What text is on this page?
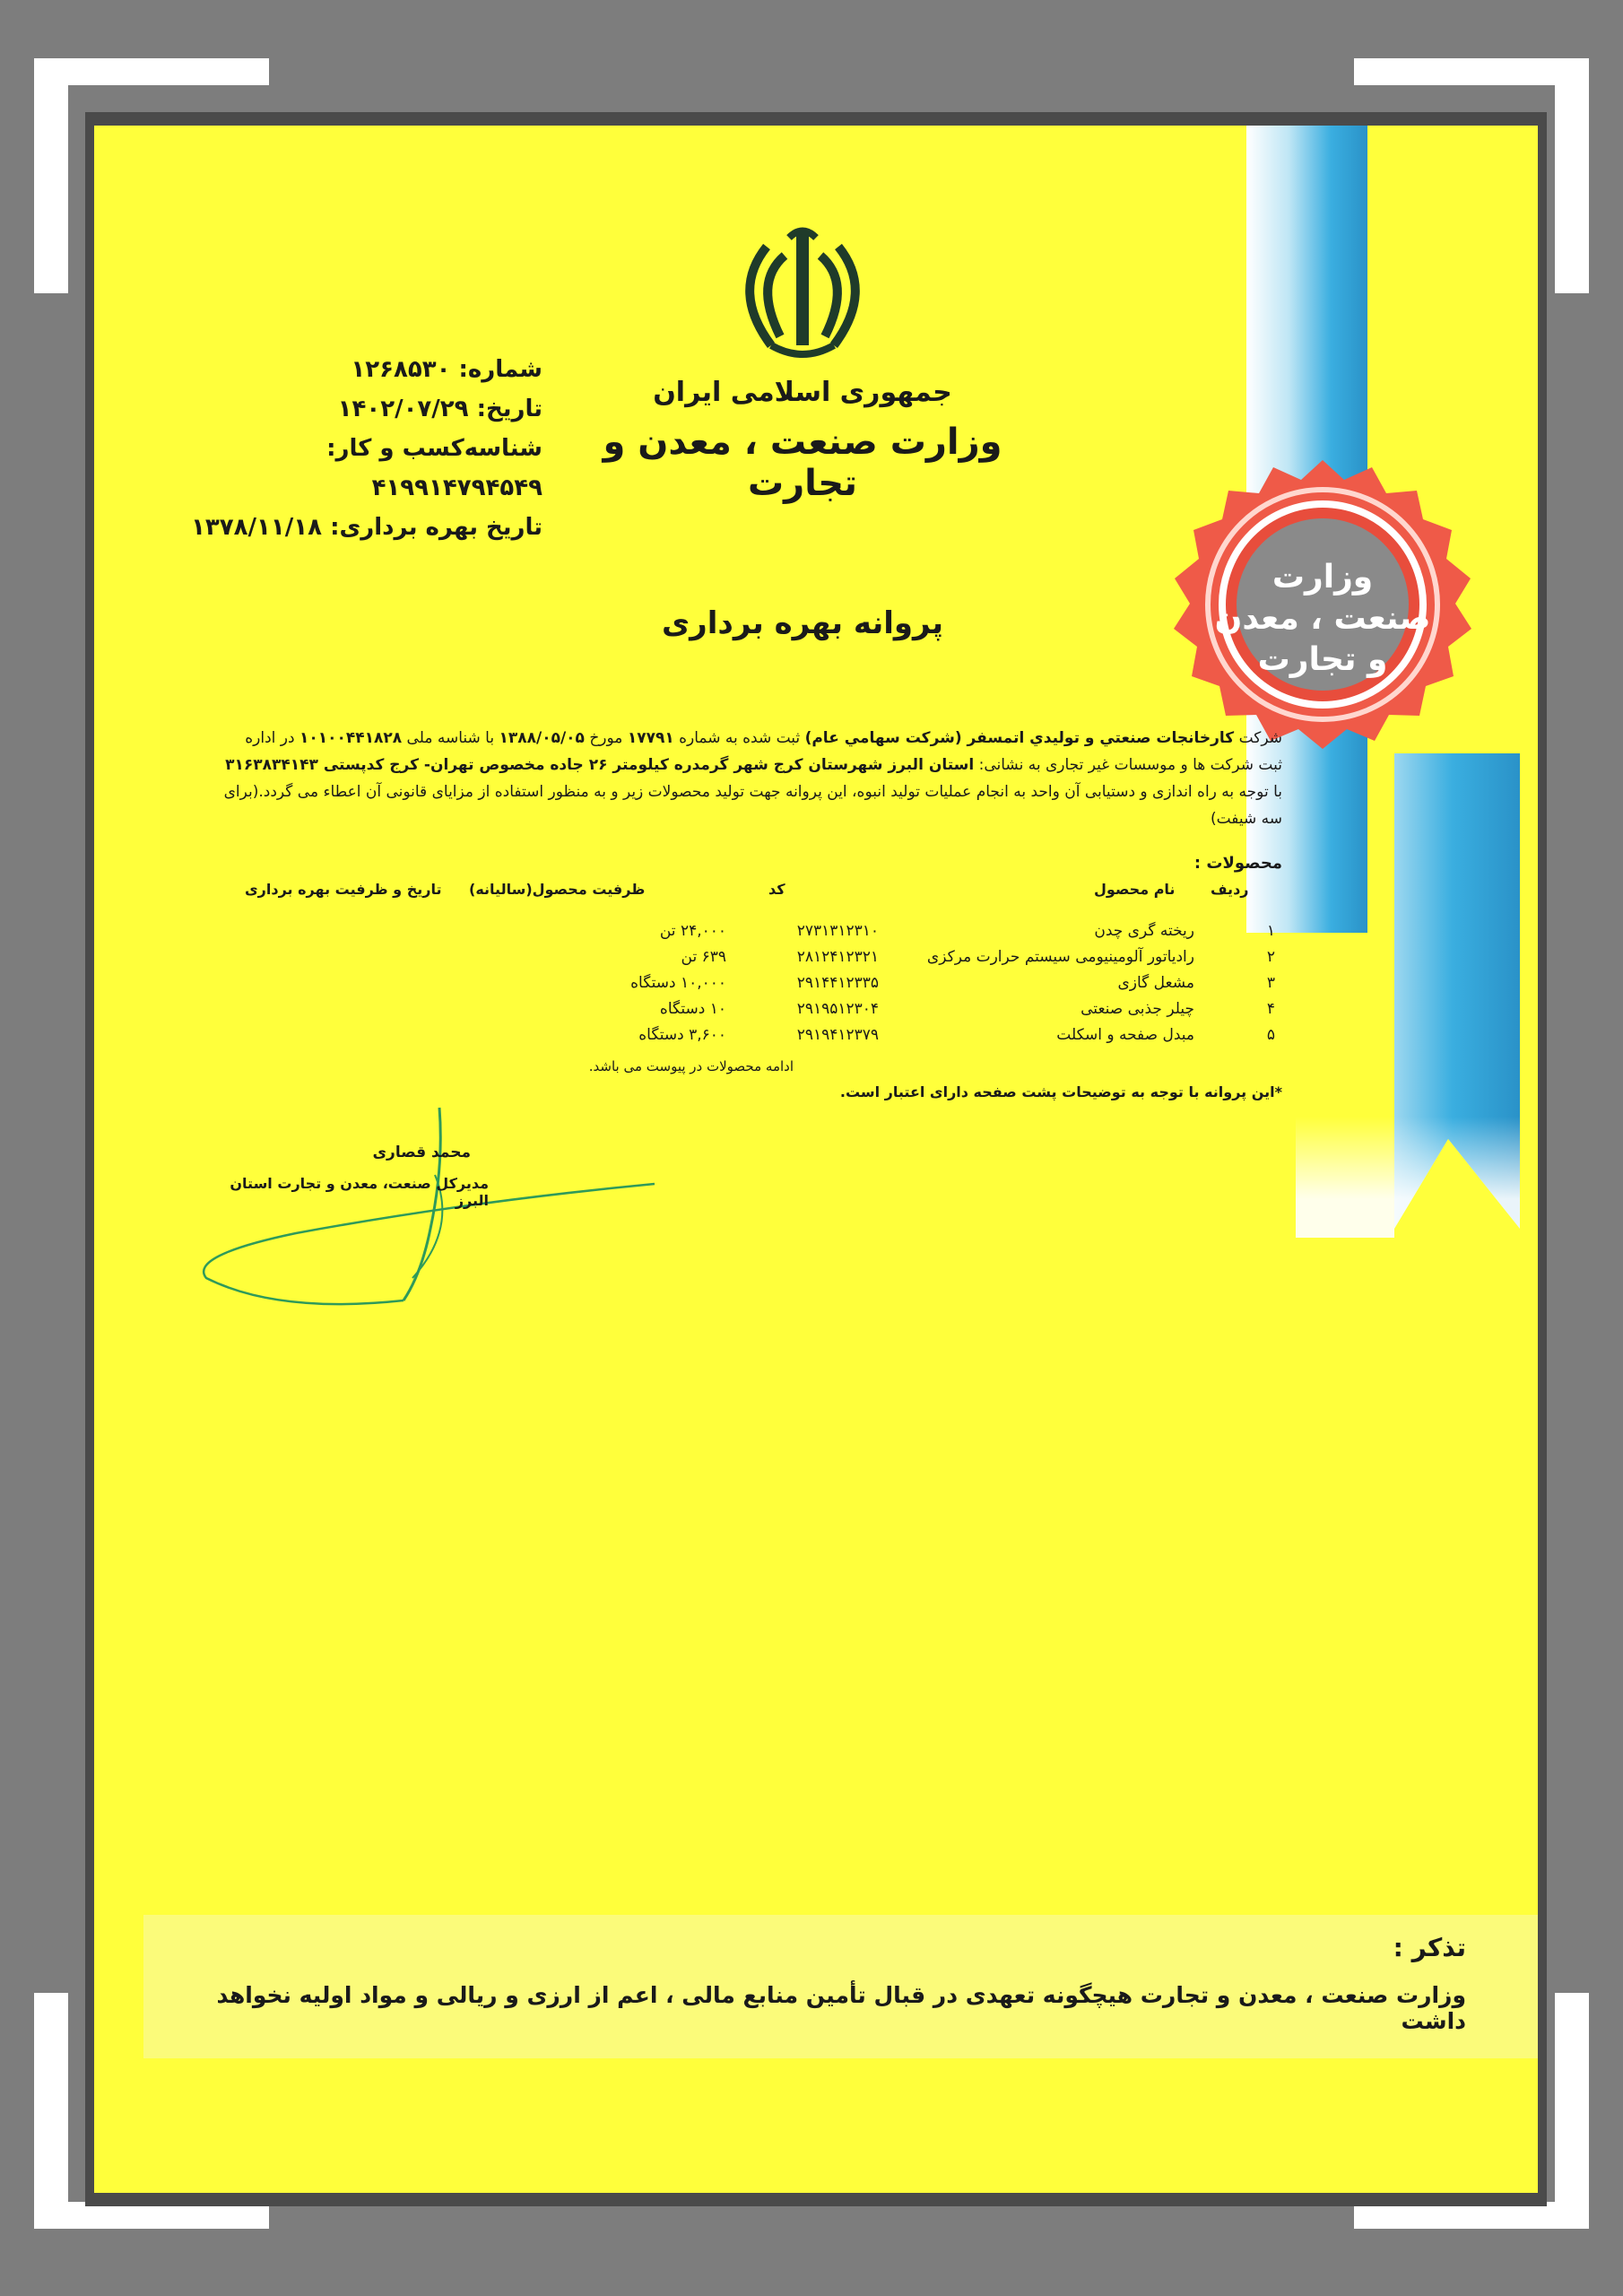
وزارت
صنعت ، معدن
و تجارت
شماره: ۱۲۶۸۵۳۰
تاریخ: ۱۴۰۲/۰۷/۲۹
شناسه‌کسب و کار: ۴۱۹۹۱۴۷۹۴۵۴۹
تاریخ بهره برداری: ۱۳۷۸/۱۱/۱۸
جمهوری اسلامی ایران
وزارت صنعت ، معدن و تجارت
پروانه بهره برداری

شرکت کارخانجات صنعتي و توليدي اتمسفر (شرکت سهامي عام) ثبت شده به شماره ۱۷۷۹۱ مورخ ۱۳۸۸/۰۵/۰۵ با شناسه ملی ۱۰۱۰۰۴۴۱۸۲۸ در اداره

ثبت شرکت ها و موسسات غیر تجاری به نشانی: استان البرز شهرستان کرج شهر گرمدره کیلومتر ۲۶ جاده مخصوص تهران- کرج کدپستی ۳۱۶۳۸۳۴۱۴۳

با توجه به راه اندازی و دستیابی آن واحد به انجام عملیات تولید انبوه، این پروانه جهت تولید محصولات زیر و به منظور استفاده از مزایای قانونی آن اعطاء می گردد.(برای

سه شیفت)

محصولات :
ردیف
نام محصول
کد
ظرفیت محصول(سالیانه)
تاریخ و ظرفیت بهره برداری
۱
ریخته گری چدن
۲۷۳۱۳۱۲۳۱۰
۲۴,۰۰۰ تن
۲
رادیاتور آلومینیومی سیستم حرارت مرکزی
۲۸۱۲۴۱۲۳۲۱
۶۳۹ تن
۳
مشعل گازی
۲۹۱۴۴۱۲۳۳۵
۱۰,۰۰۰ دستگاه
۴
چیلر جذبی صنعتی
۲۹۱۹۵۱۲۳۰۴
۱۰ دستگاه
۵
مبدل صفحه و اسکلت
۲۹۱۹۴۱۲۳۷۹
۳,۶۰۰ دستگاه
ادامه محصولات در پیوست می باشد.
*این پروانه با توجه به توضیحات پشت صفحه دارای اعتبار است.
محمد قصاری
مدیرکل صنعت، معدن و تجارت استان البرز
تذکر :
وزارت صنعت ، معدن و تجارت هیچگونه تعهدی در قبال تأمین منابع مالی ، اعم از ارزی و ریالی و مواد اولیه نخواهد داشت
